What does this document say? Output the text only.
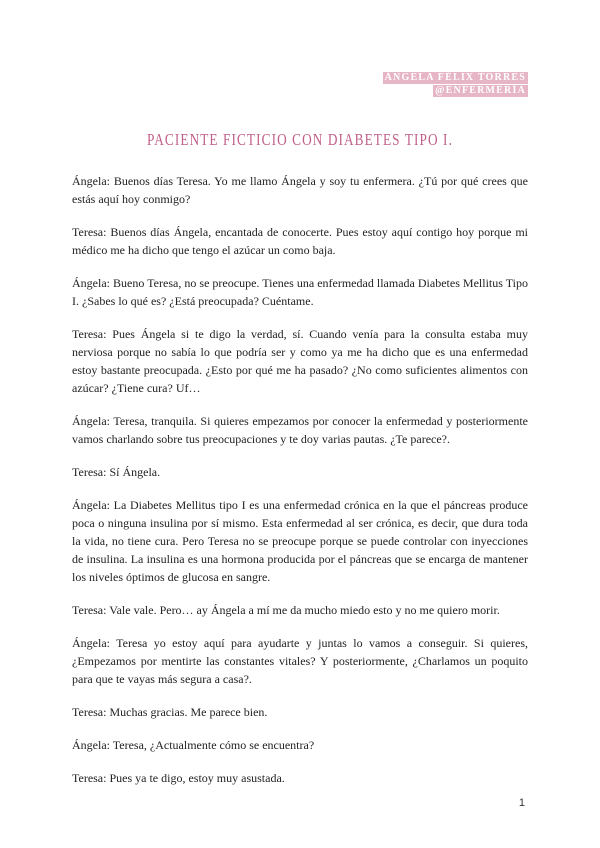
ÁNGELA FÉLIX TORRES
@ENFERMERÍA
PACIENTE FICTICIO CON DIABETES TIPO I.

Ángela: Buenos días Teresa. Yo me llamo Ángela y soy tu enfermera. ¿Tú por qué crees que estás aquí hoy conmigo?

Teresa: Buenos días Ángela, encantada de conocerte. Pues estoy aquí contigo hoy porque mi médico me ha dicho que tengo el azúcar un como baja.

Ángela: Bueno Teresa, no se preocupe. Tienes una enfermedad llamada Diabetes Mellitus Tipo I. ¿Sabes lo qué es? ¿Está preocupada? Cuéntame.

Teresa: Pues Ángela si te digo la verdad, sí. Cuando venía para la consulta estaba muy nerviosa porque no sabía lo que podría ser y como ya me ha dicho que es una enfermedad estoy bastante preocupada. ¿Esto por qué me ha pasado? ¿No como suficientes alimentos con azúcar? ¿Tiene cura? Uf…

Ángela: Teresa, tranquila. Si quieres empezamos por conocer la enfermedad y posteriormente vamos charlando sobre tus preocupaciones y te doy varias pautas. ¿Te parece?.

Teresa: Sí Ángela.

Ángela: La Diabetes Mellitus tipo I es una enfermedad crónica en la que el páncreas produce poca o ninguna insulina por sí mismo. Esta enfermedad al ser crónica, es decir, que dura toda la vida, no tiene cura. Pero Teresa no se preocupe porque se puede controlar con inyecciones de insulina. La insulina es una hormona producida por el páncreas que se encarga de mantener los niveles óptimos de glucosa en sangre.

Teresa: Vale vale. Pero… ay Ángela a mí me da mucho miedo esto y no me quiero morir.

Ángela: Teresa yo estoy aquí para ayudarte y juntas lo vamos a conseguir. Si quieres, ¿Empezamos por mentirte las constantes vitales? Y posteriormente, ¿Charlamos un poquito para que te vayas más segura a casa?.

Teresa: Muchas gracias. Me parece bien.

Ángela: Teresa, ¿Actualmente cómo se encuentra?

Teresa: Pues ya te digo, estoy muy asustada.

1
